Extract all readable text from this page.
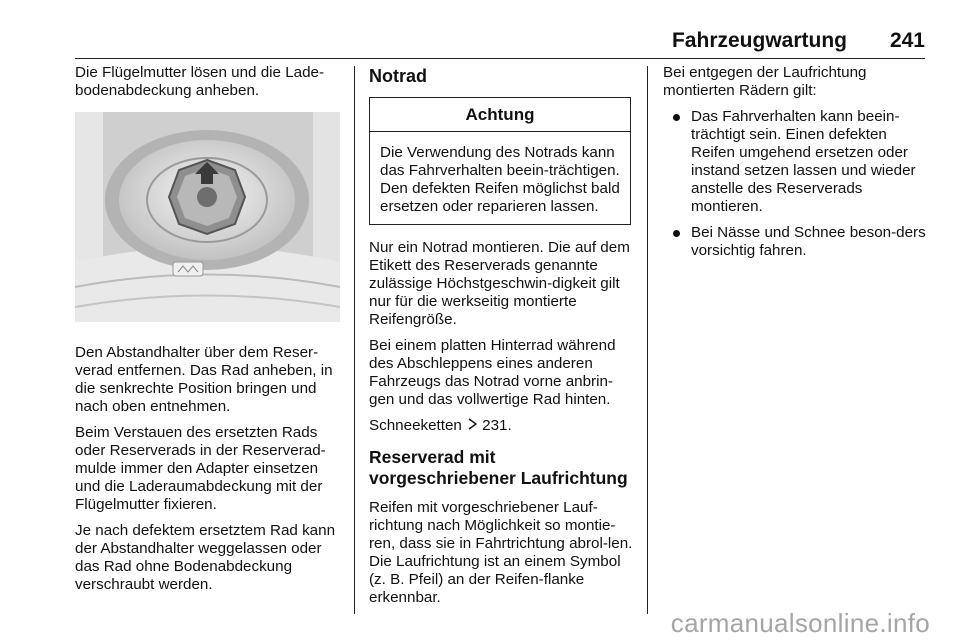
Fahrzeugwartung 241

Die Flügelmutter lösen und die Lade-bodenabdeckung anheben.

Den Abstandhalter über dem Reser-verad entfernen. Das Rad anheben, in die senkrechte Position bringen und nach oben entnehmen.

Beim Verstauen des ersetzten Rads oder Reserverads in der Reserverad-mulde immer den Adapter einsetzen und die Laderaumabdeckung mit der Flügelmutter fixieren.

Je nach defektem ersetztem Rad kann der Abstandhalter weggelassen oder das Rad ohne Bodenabdeckung verschraubt werden.

Notrad
Achtung
Die Verwendung des Notrads kann das Fahrverhalten beein-trächtigen. Den defekten Reifen möglichst bald ersetzen oder reparieren lassen.

Nur ein Notrad montieren. Die auf dem Etikett des Reserverads genannte zulässige Höchstgeschwin-digkeit gilt nur für die werkseitig montierte Reifengröße.

Bei einem platten Hinterrad während des Abschleppens eines anderen Fahrzeugs das Notrad vorne anbrin-gen und das vollwertige Rad hinten.

Schneeketten 231.

Reserverad mit vorgeschriebener Laufrichtung

Reifen mit vorgeschriebener Lauf-richtung nach Möglichkeit so montie-ren, dass sie in Fahrtrichtung abrol-len. Die Laufrichtung ist an einem Symbol (z. B. Pfeil) an der Reifen-flanke erkennbar.

Bei entgegen der Laufrichtung montierten Rädern gilt:

Das Fahrverhalten kann beein-trächtigt sein. Einen defekten Reifen umgehend ersetzen oder instand setzen lassen und wieder anstelle des Reserverads montieren.
Bei Nässe und Schnee beson-ders vorsichtig fahren.
carmanualsonline.info
